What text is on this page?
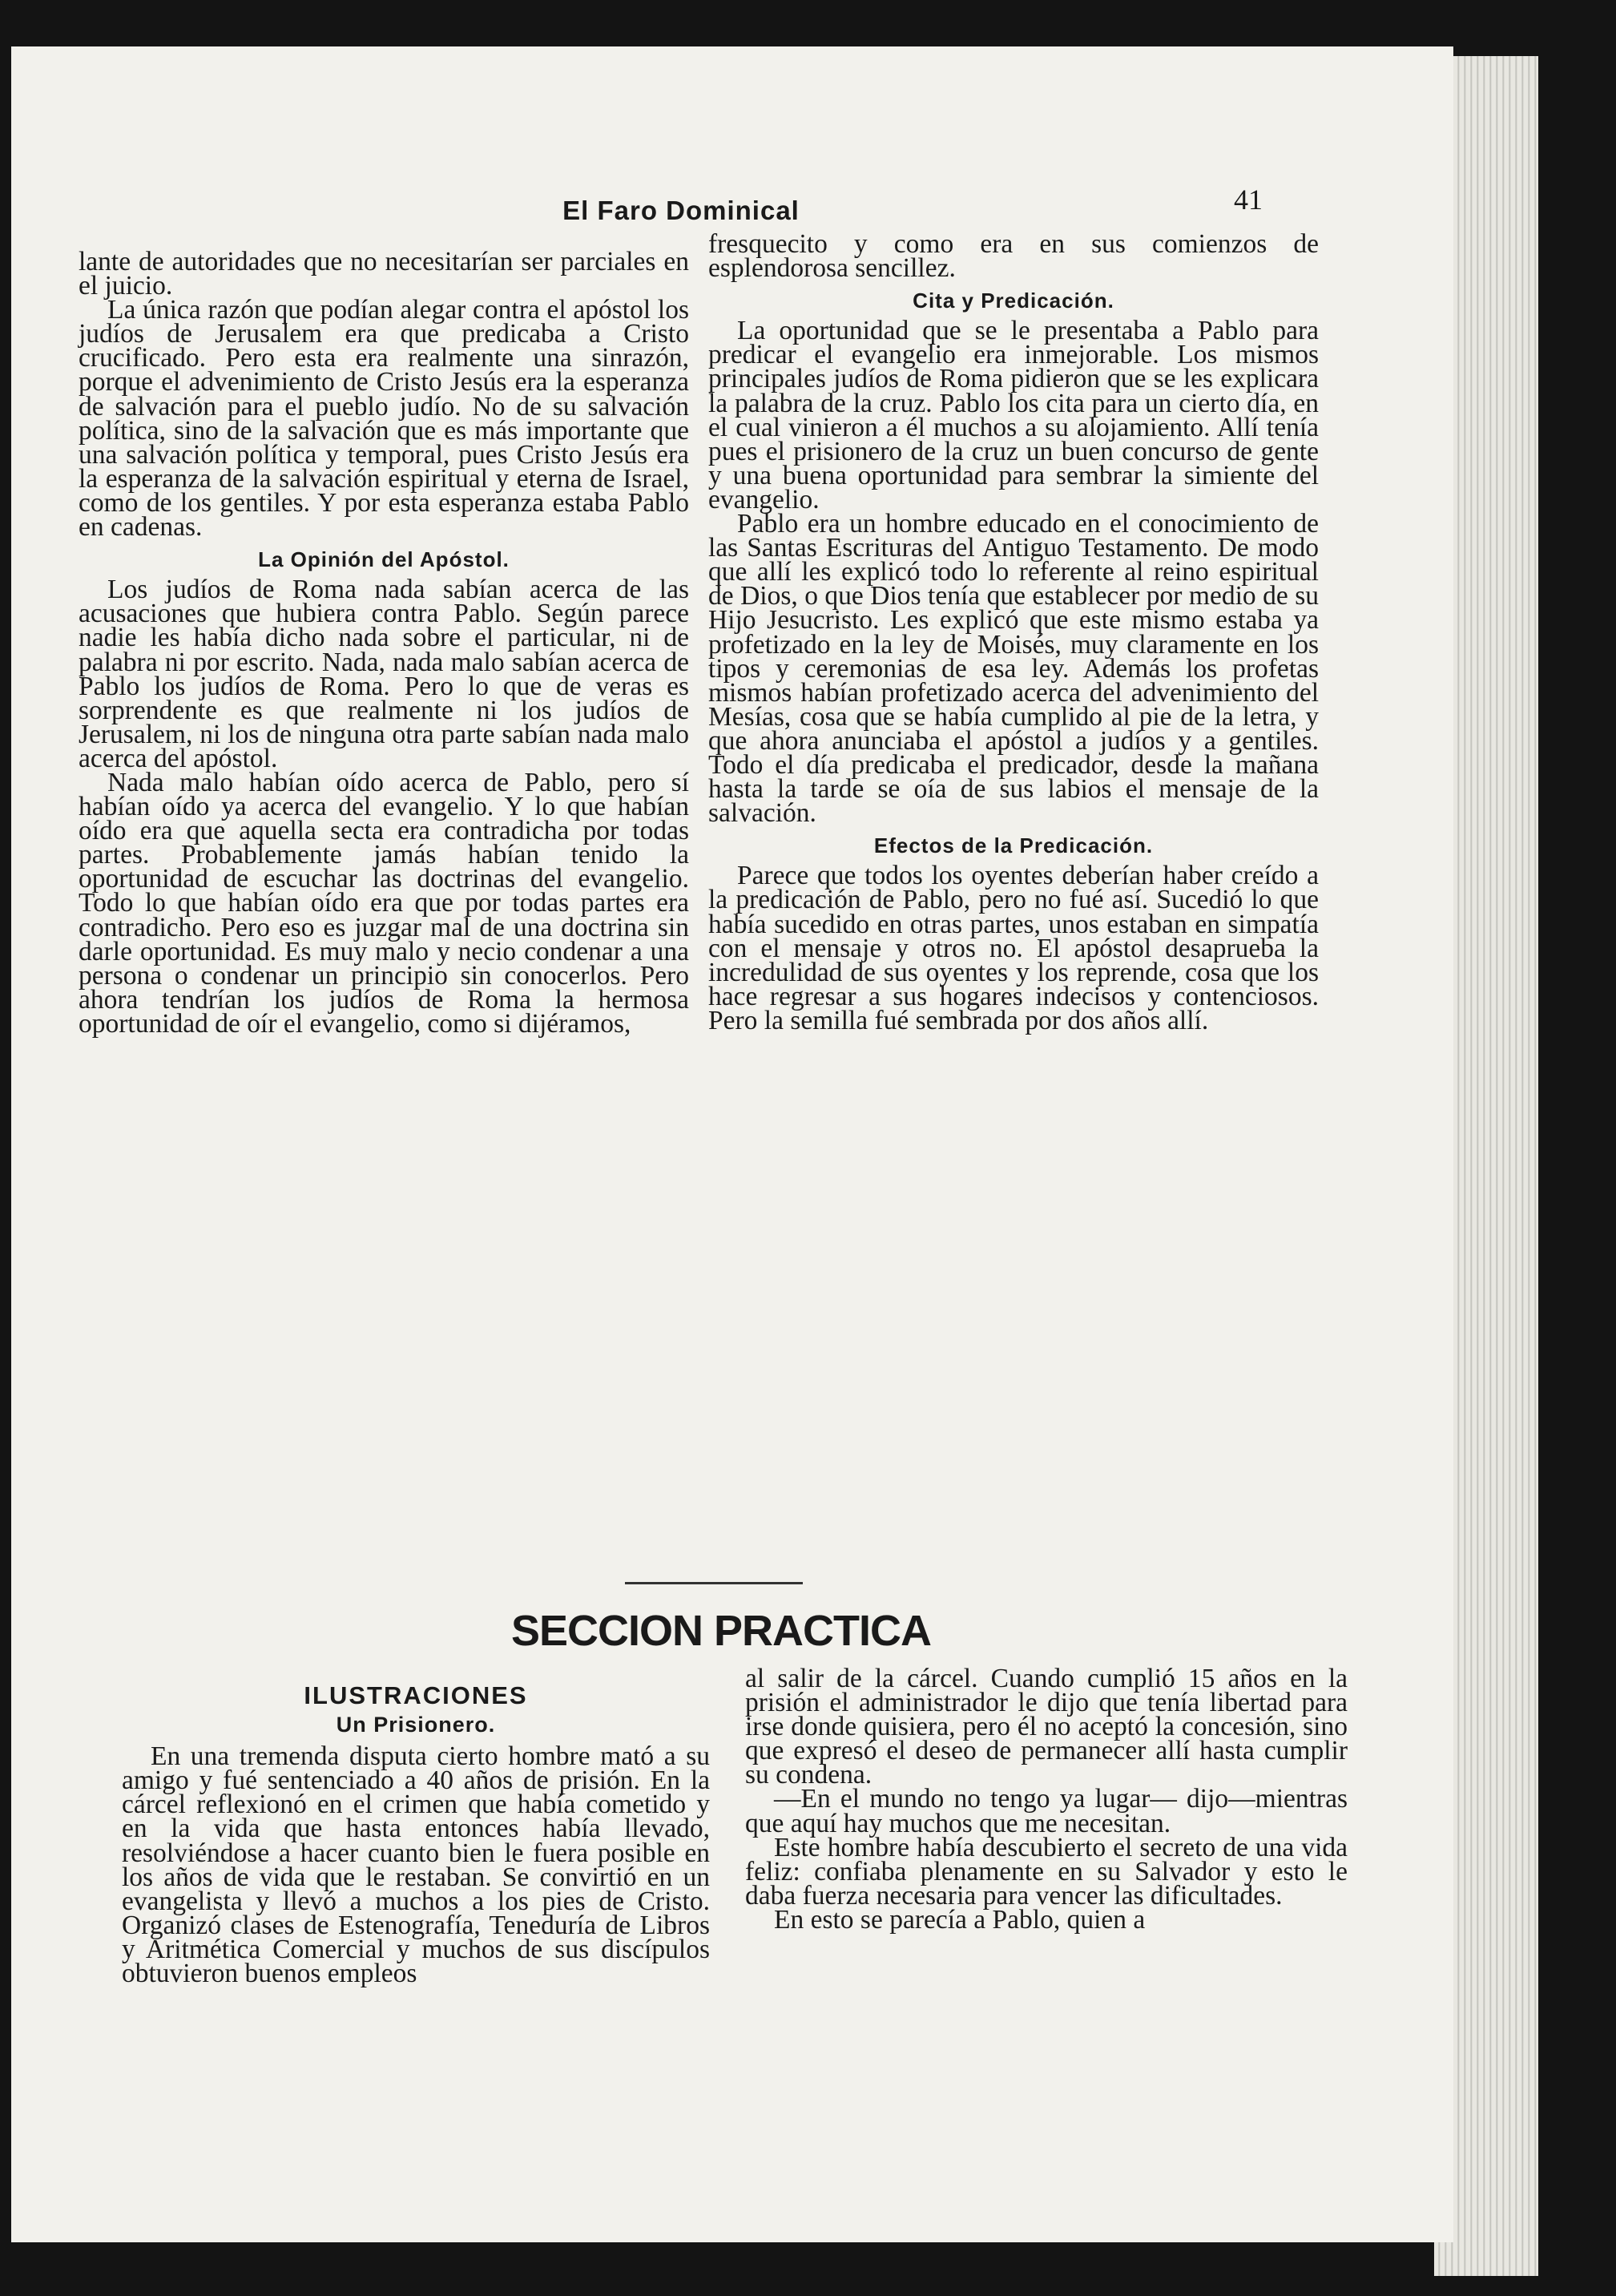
El Faro Dominical	41

lante de autoridades que no necesitarían ser parciales en el juicio.

La única razón que podían alegar contra el apóstol los judíos de Jerusalem era que predicaba a Cristo crucificado. Pero esta era realmente una sinrazón, porque el advenimiento de Cristo Jesús era la esperanza de salvación para el pueblo judío. No de su salvación política, sino de la salvación que es más importante que una salvación política y temporal, pues Cristo Jesús era la esperanza de la salvación espiritual y eterna de Israel, como de los gentiles. Y por esta esperanza estaba Pablo en cadenas.

La Opinión del Apóstol.

Los judíos de Roma nada sabían acerca de las acusaciones que hubiera contra Pablo. Según parece nadie les había dicho nada sobre el particular, ni de palabra ni por escrito. Nada, nada malo sabían acerca de Pablo los judíos de Roma. Pero lo que de veras es sorprendente es que realmente ni los judíos de Jerusalem, ni los de ninguna otra parte sabían nada malo acerca del apóstol.

Nada malo habían oído acerca de Pablo, pero sí habían oído ya acerca del evangelio. Y lo que habían oído era que aquella secta era contradicha por todas partes. Probablemente jamás habían tenido la oportunidad de escuchar las doctrinas del evangelio. Todo lo que habían oído era que por todas partes era contradicho. Pero eso es juzgar mal de una doctrina sin darle oportunidad. Es muy malo y necio condenar a una persona o condenar un principio sin conocerlos. Pero ahora tendrían los judíos de Roma la hermosa oportunidad de oír el evangelio, como si dijéramos,

fresquecito y como era en sus comienzos de esplendorosa sencillez.

Cita y Predicación.

La oportunidad que se le presentaba a Pablo para predicar el evangelio era inmejorable. Los mismos principales judíos de Roma pidieron que se les explicara la palabra de la cruz. Pablo los cita para un cierto día, en el cual vinieron a él muchos a su alojamiento. Allí tenía pues el prisionero de la cruz un buen concurso de gente y una buena oportunidad para sembrar la simiente del evangelio.

Pablo era un hombre educado en el conocimiento de las Santas Escrituras del Antiguo Testamento. De modo que allí les explicó todo lo referente al reino espiritual de Dios, o que Dios tenía que establecer por medio de su Hijo Jesucristo. Les explicó que este mismo estaba ya profetizado en la ley de Moisés, muy claramente en los tipos y ceremonias de esa ley. Además los profetas mismos habían profetizado acerca del advenimiento del Mesías, cosa que se había cumplido al pie de la letra, y que ahora anunciaba el apóstol a judíos y a gentiles. Todo el día predicaba el predicador, desde la mañana hasta la tarde se oía de sus labios el mensaje de la salvación.

Efectos de la Predicación.

Parece que todos los oyentes deberían haber creído a la predicación de Pablo, pero no fué así. Sucedió lo que había sucedido en otras partes, unos estaban en simpatía con el mensaje y otros no. El apóstol desaprueba la incredulidad de sus oyentes y los reprende, cosa que los hace regresar a sus hogares indecisos y contenciosos. Pero la semilla fué sembrada por dos años allí.

SECCION PRACTICA
ILUSTRACIONES
Un Prisionero.

En una tremenda disputa cierto hombre mató a su amigo y fué sentenciado a 40 años de prisión. En la cárcel reflexionó en el crimen que había cometido y en la vida que hasta entonces había llevado, resolviéndose a hacer cuanto bien le fuera posible en los años de vida que le restaban. Se convirtió en un evangelista y llevó a muchos a los pies de Cristo. Organizó clases de Estenografía, Teneduría de Libros y Aritmética Comercial y muchos de sus discípulos obtuvieron buenos empleos

al salir de la cárcel. Cuando cumplió 15 años en la prisión el administrador le dijo que tenía libertad para irse donde quisiera, pero él no aceptó la concesión, sino que expresó el deseo de permanecer allí hasta cumplir su condena.

—En el mundo no tengo ya lugar— dijo—mientras que aquí hay muchos que me necesitan.

Este hombre había descubierto el secreto de una vida feliz: confiaba plenamente en su Salvador y esto le daba fuerza necesaria para vencer las dificultades.

En esto se parecía a Pablo, quien a
